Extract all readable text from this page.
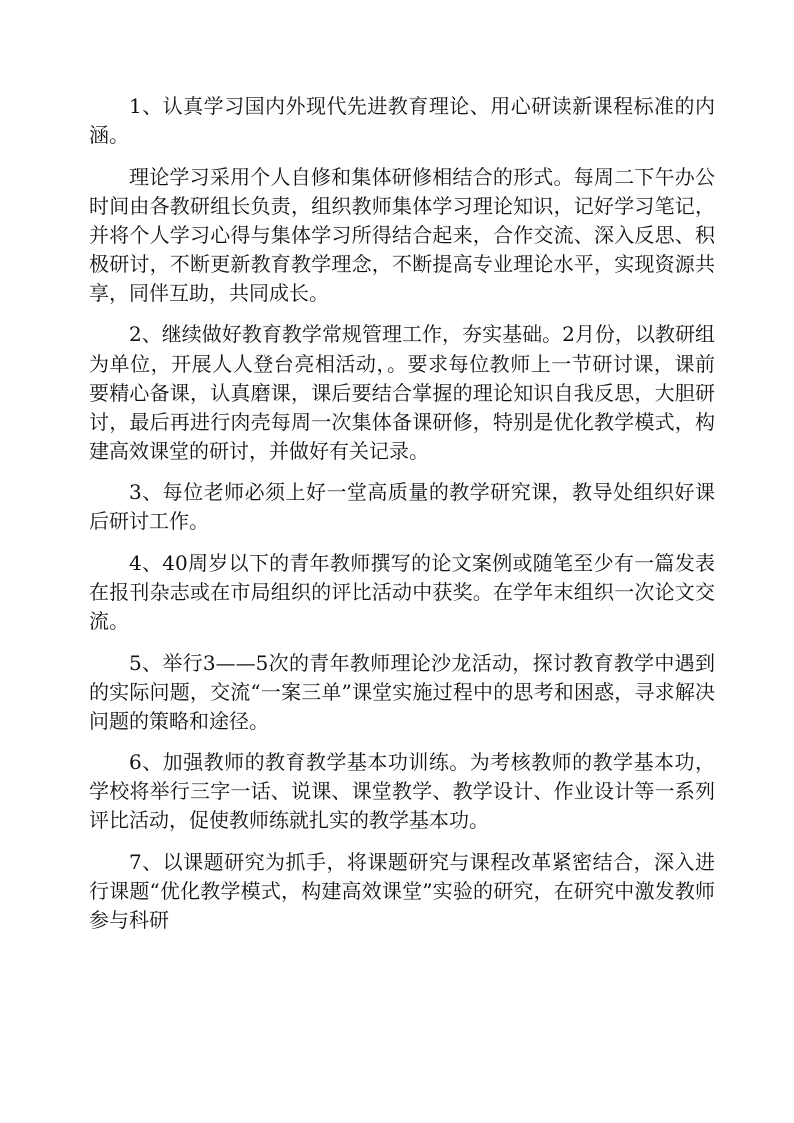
1、认真学习国内外现代先进教育理论、用心研读新课程标准的内涵。

理论学习采用个人自修和集体研修相结合的形式。每周二下午办公时间由各教研组长负责，组织教师集体学习理论知识，记好学习笔记，并将个人学习心得与集体学习所得结合起来，合作交流、深入反思、积极研讨，不断更新教育教学理念，不断提高专业理论水平，实现资源共享，同伴互助，共同成长。

2、继续做好教育教学常规管理工作，夯实基础。2月份，以教研组为单位，开展人人登台亮相活动，。要求每位教师上一节研讨课，课前要精心备课，认真磨课，课后要结合掌握的理论知识自我反思，大胆研讨，最后再进行肉壳每周一次集体备课研修，特别是优化教学模式，构建高效课堂的研讨，并做好有关记录。

3、每位老师必须上好一堂高质量的教学研究课，教导处组织好课后研讨工作。

4、40周岁以下的青年教师撰写的论文案例或随笔至少有一篇发表在报刊杂志或在市局组织的评比活动中获奖。在学年末组织一次论文交流。

5、举行3——5次的青年教师理论沙龙活动，探讨教育教学中遇到的实际问题，交流“一案三单”课堂实施过程中的思考和困惑，寻求解决问题的策略和途径。

6、加强教师的教育教学基本功训练。为考核教师的教学基本功，学校将举行三字一话、说课、课堂教学、教学设计、作业设计等一系列评比活动，促使教师练就扎实的教学基本功。

7、以课题研究为抓手，将课题研究与课程改革紧密结合，深入进行课题“优化教学模式，构建高效课堂”实验的研究，在研究中激发教师参与科研
